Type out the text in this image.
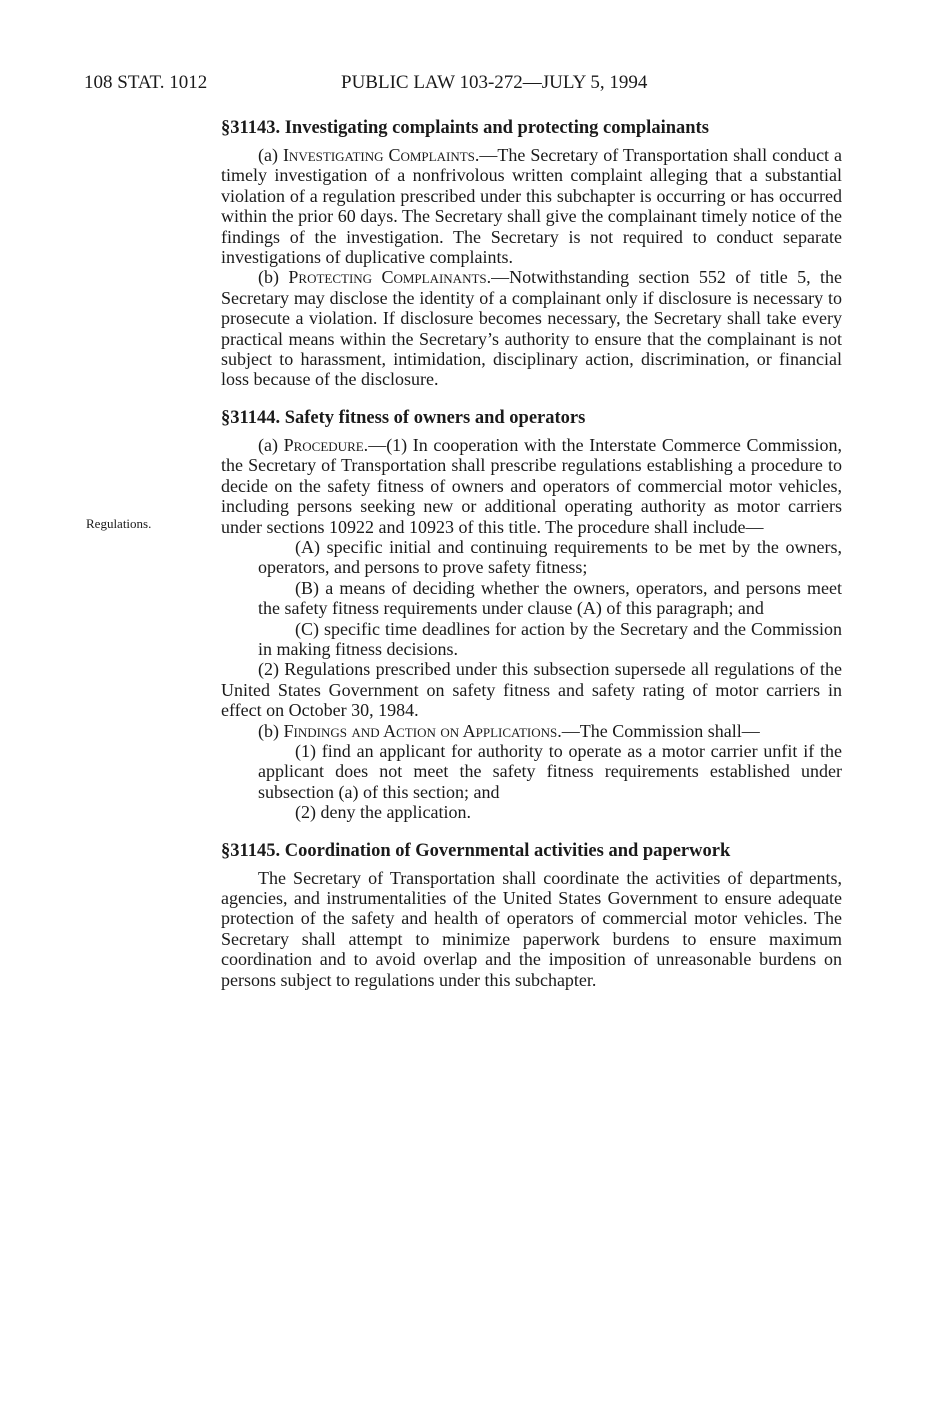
108 STAT. 1012	PUBLIC LAW 103-272—JULY 5, 1994
Regulations.
§31143. Investigating complaints and protecting complainants

(a) Investigating Complaints.—The Secretary of Transportation shall conduct a timely investigation of a nonfrivolous written complaint alleging that a substantial violation of a regulation prescribed under this subchapter is occurring or has occurred within the prior 60 days. The Secretary shall give the complainant timely notice of the findings of the investigation. The Secretary is not required to conduct separate investigations of duplicative complaints.

(b) Protecting Complainants.—Notwithstanding section 552 of title 5, the Secretary may disclose the identity of a complainant only if disclosure is necessary to prosecute a violation. If disclosure becomes necessary, the Secretary shall take every practical means within the Secretary’s authority to ensure that the complainant is not subject to harassment, intimidation, disciplinary action, discrimination, or financial loss because of the disclosure.

§31144. Safety fitness of owners and operators

(a) Procedure.—(1) In cooperation with the Interstate Commerce Commission, the Secretary of Transportation shall prescribe regulations establishing a procedure to decide on the safety fitness of owners and operators of commercial motor vehicles, including persons seeking new or additional operating authority as motor carriers under sections 10922 and 10923 of this title. The procedure shall include—

(A) specific initial and continuing requirements to be met by the owners, operators, and persons to prove safety fitness;

(B) a means of deciding whether the owners, operators, and persons meet the safety fitness requirements under clause (A) of this paragraph; and

(C) specific time deadlines for action by the Secretary and the Commission in making fitness decisions.

(2) Regulations prescribed under this subsection supersede all regulations of the United States Government on safety fitness and safety rating of motor carriers in effect on October 30, 1984.

(b) Findings and Action on Applications.—The Commission shall—

(1) find an applicant for authority to operate as a motor carrier unfit if the applicant does not meet the safety fitness requirements established under subsection (a) of this section; and

(2) deny the application.

§31145. Coordination of Governmental activities and paperwork

The Secretary of Transportation shall coordinate the activities of departments, agencies, and instrumentalities of the United States Government to ensure adequate protection of the safety and health of operators of commercial motor vehicles. The Secretary shall attempt to minimize paperwork burdens to ensure maximum coordination and to avoid overlap and the imposition of unreasonable burdens on persons subject to regulations under this subchapter.
